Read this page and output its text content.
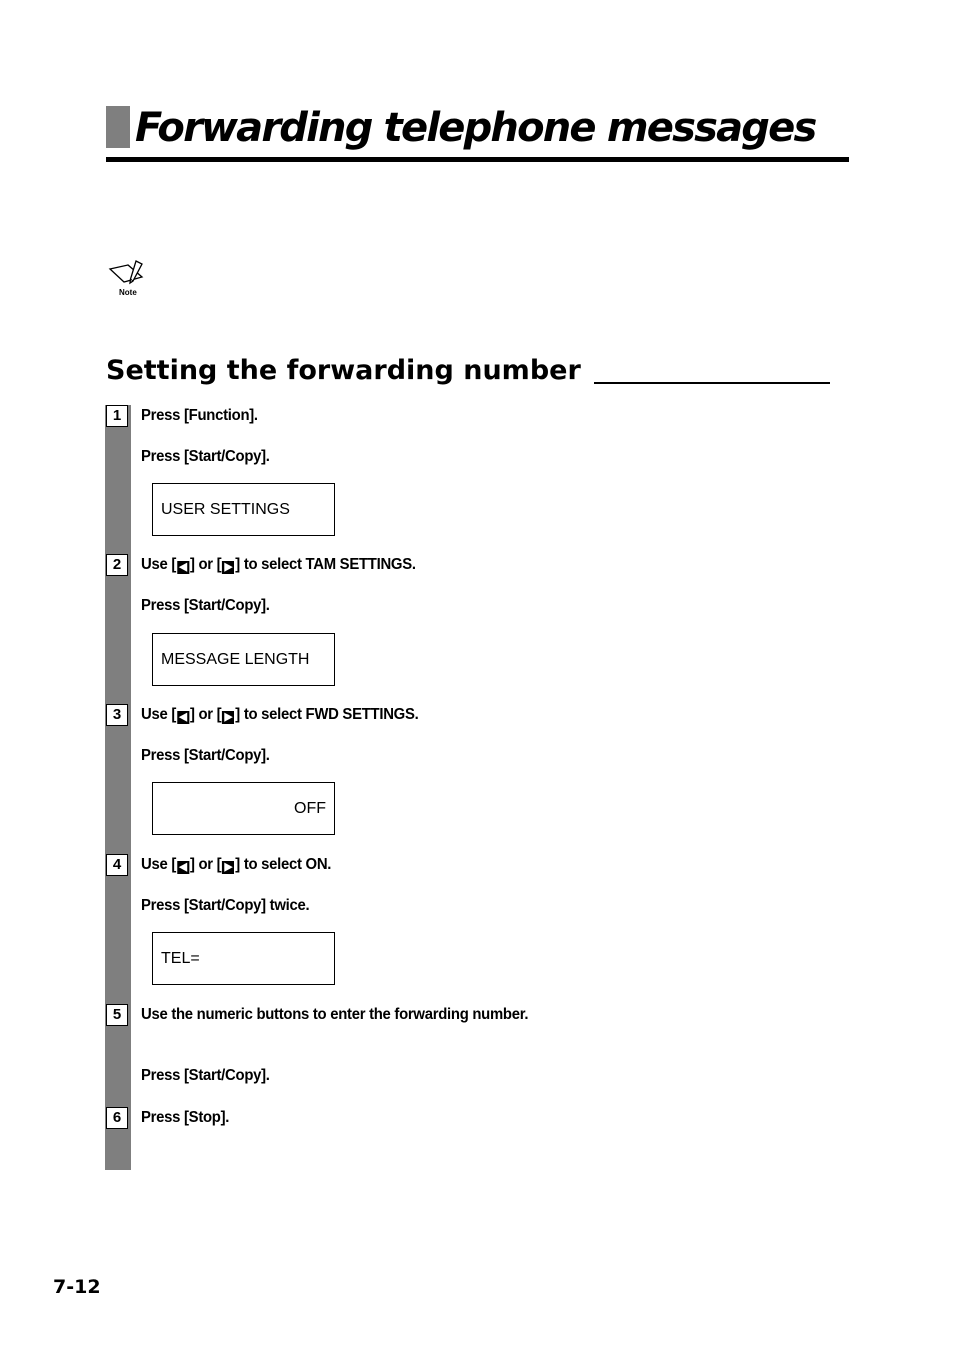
Forwarding telephone messages
Note
Setting the forwarding number
1	Press [Function].
Press [Start/Copy].
USER SETTINGS
2	Use [ ◀ ] or [ ▶ ] to select TAM SETTINGS.
Press [Start/Copy].
MESSAGE LENGTH
3	Use [ ◀ ] or [ ▶ ] to select FWD SETTINGS.
Press [Start/Copy].
OFF
4	Use [ ◀ ] or [ ▶ ] to select ON.
Press [Start/Copy] twice.
TEL=
5	Use the numeric buttons to enter the forwarding number.
Press [Start/Copy].
6	Press [Stop].
7-12
